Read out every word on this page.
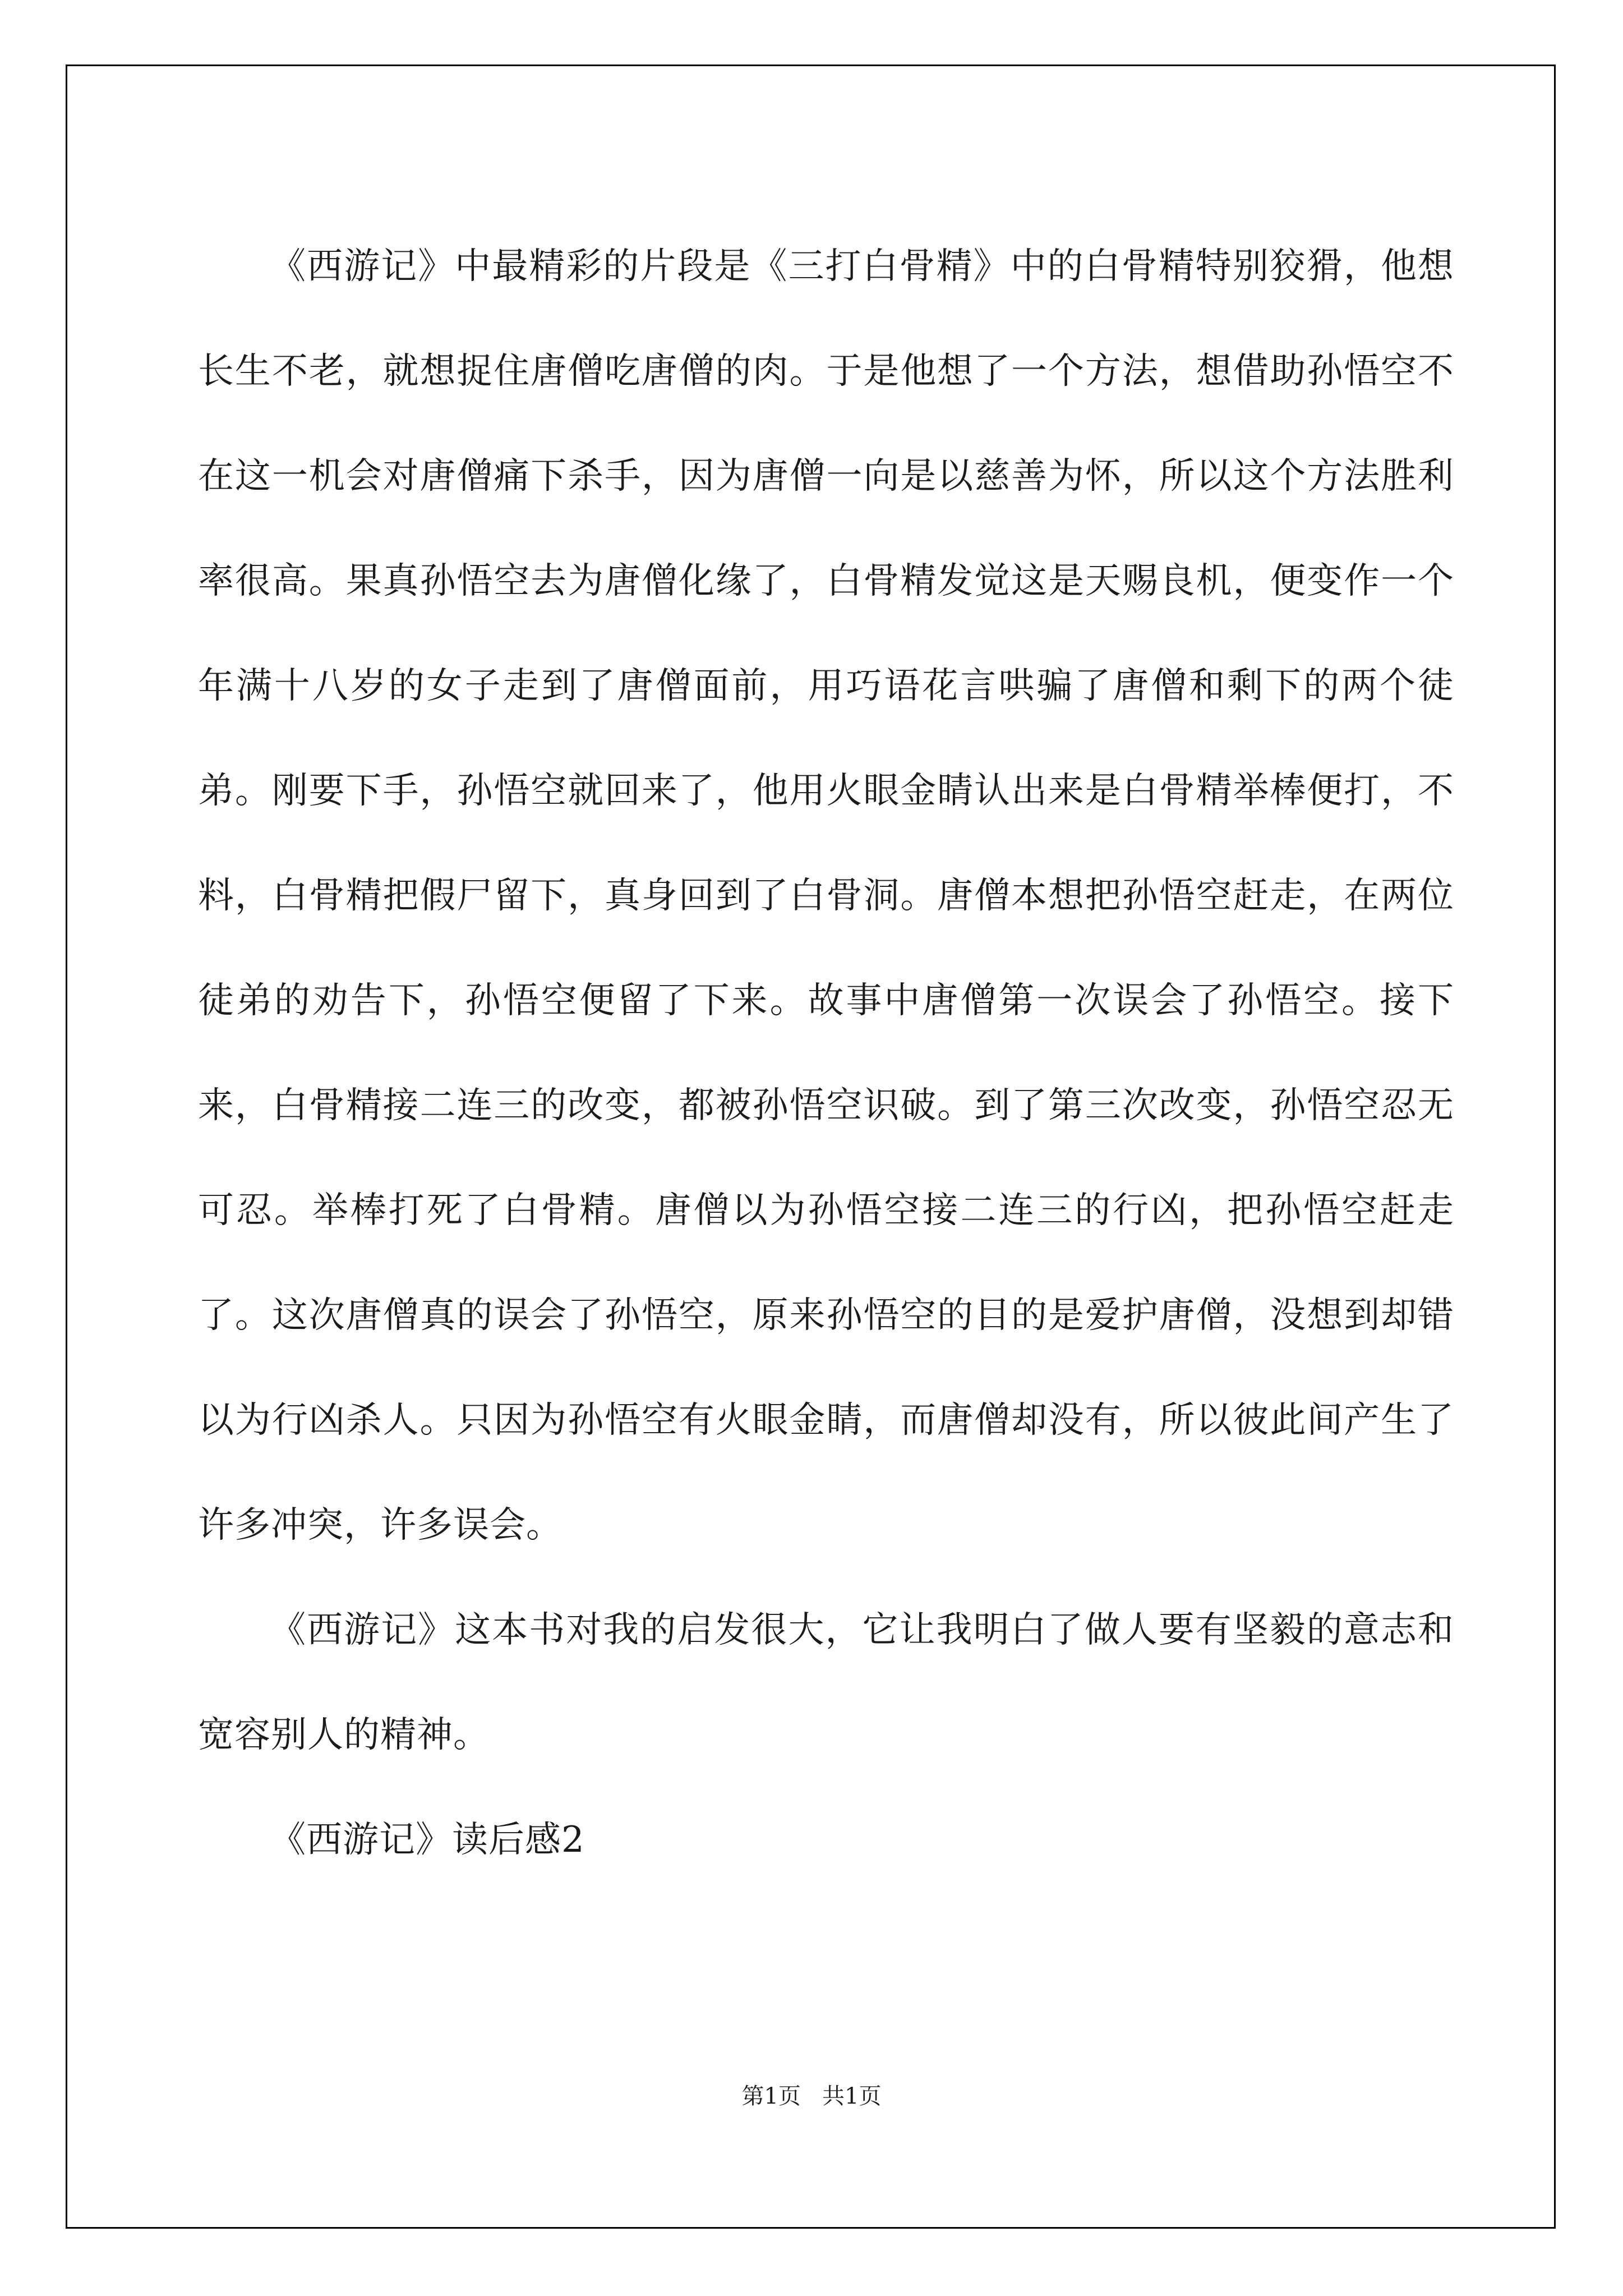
《西游记》中最精彩的片段是《三打白骨精》中的白骨精特别狡猾，他想长生不老，就想捉住唐僧吃唐僧的肉。于是他想了一个方法，想借助孙悟空不在这一机会对唐僧痛下杀手，因为唐僧一向是以慈善为怀，所以这个方法胜利率很高。果真孙悟空去为唐僧化缘了，白骨精发觉这是天赐良机，便变作一个年满十八岁的女子走到了唐僧面前，用巧语花言哄骗了唐僧和剩下的两个徒弟。刚要下手，孙悟空就回来了，他用火眼金睛认出来是白骨精举棒便打，不料，白骨精把假尸留下，真身回到了白骨洞。唐僧本想把孙悟空赶走，在两位徒弟的劝告下，孙悟空便留了下来。故事中唐僧第一次误会了孙悟空。接下来，白骨精接二连三的改变，都被孙悟空识破。到了第三次改变，孙悟空忍无可忍。举棒打死了白骨精。唐僧以为孙悟空接二连三的行凶，把孙悟空赶走了。这次唐僧真的误会了孙悟空，原来孙悟空的目的是爱护唐僧，没想到却错以为行凶杀人。只因为孙悟空有火眼金睛，而唐僧却没有，所以彼此间产生了许多冲突，许多误会。

《西游记》这本书对我的启发很大，它让我明白了做人要有坚毅的意志和宽容别人的精神。

《西游记》读后感2

第1页   共1页
